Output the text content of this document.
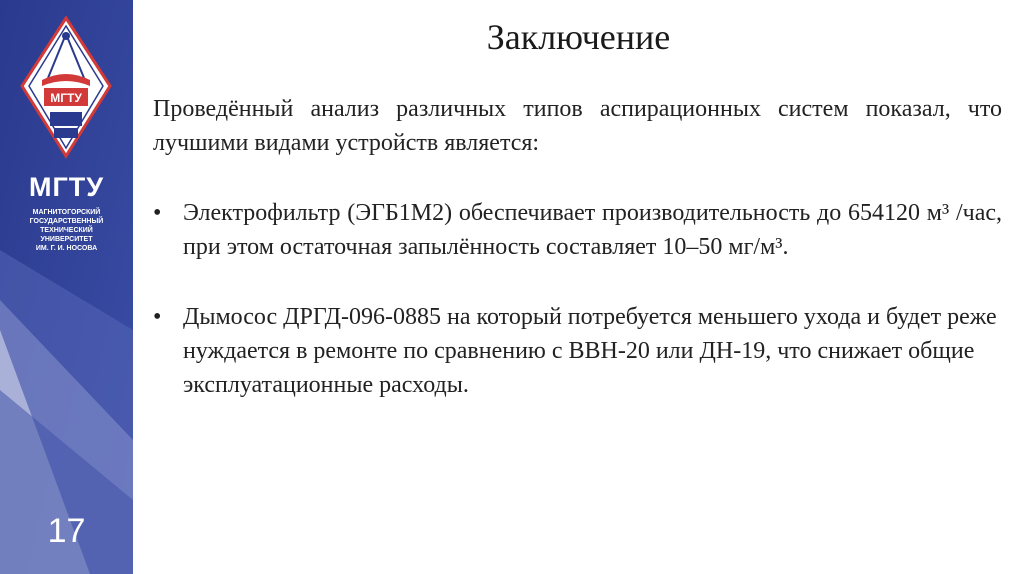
МГТУ
МГТУ
МАГНИТОГОРСКИЙ
ГОСУДАРСТВЕННЫЙ
ТЕХНИЧЕСКИЙ
УНИВЕРСИТЕТ
ИМ. Г. И. НОСОВА
17
Заключение

Проведённый анализ различных типов аспирационных систем показал, что лучшими видами устройств является:

• Электрофильтр (ЭГБ1М2) обеспечивает производительность до 654120 м³ /час, при этом остаточная запылённость составляет 10–50 мг/м³.

• Дымосос ДРГД-096-0885 на который потребуется меньшего ухода и будет реже нуждается в ремонте по сравнению с ВВН-20 или ДН-19, что снижает общие эксплуатационные расходы.
